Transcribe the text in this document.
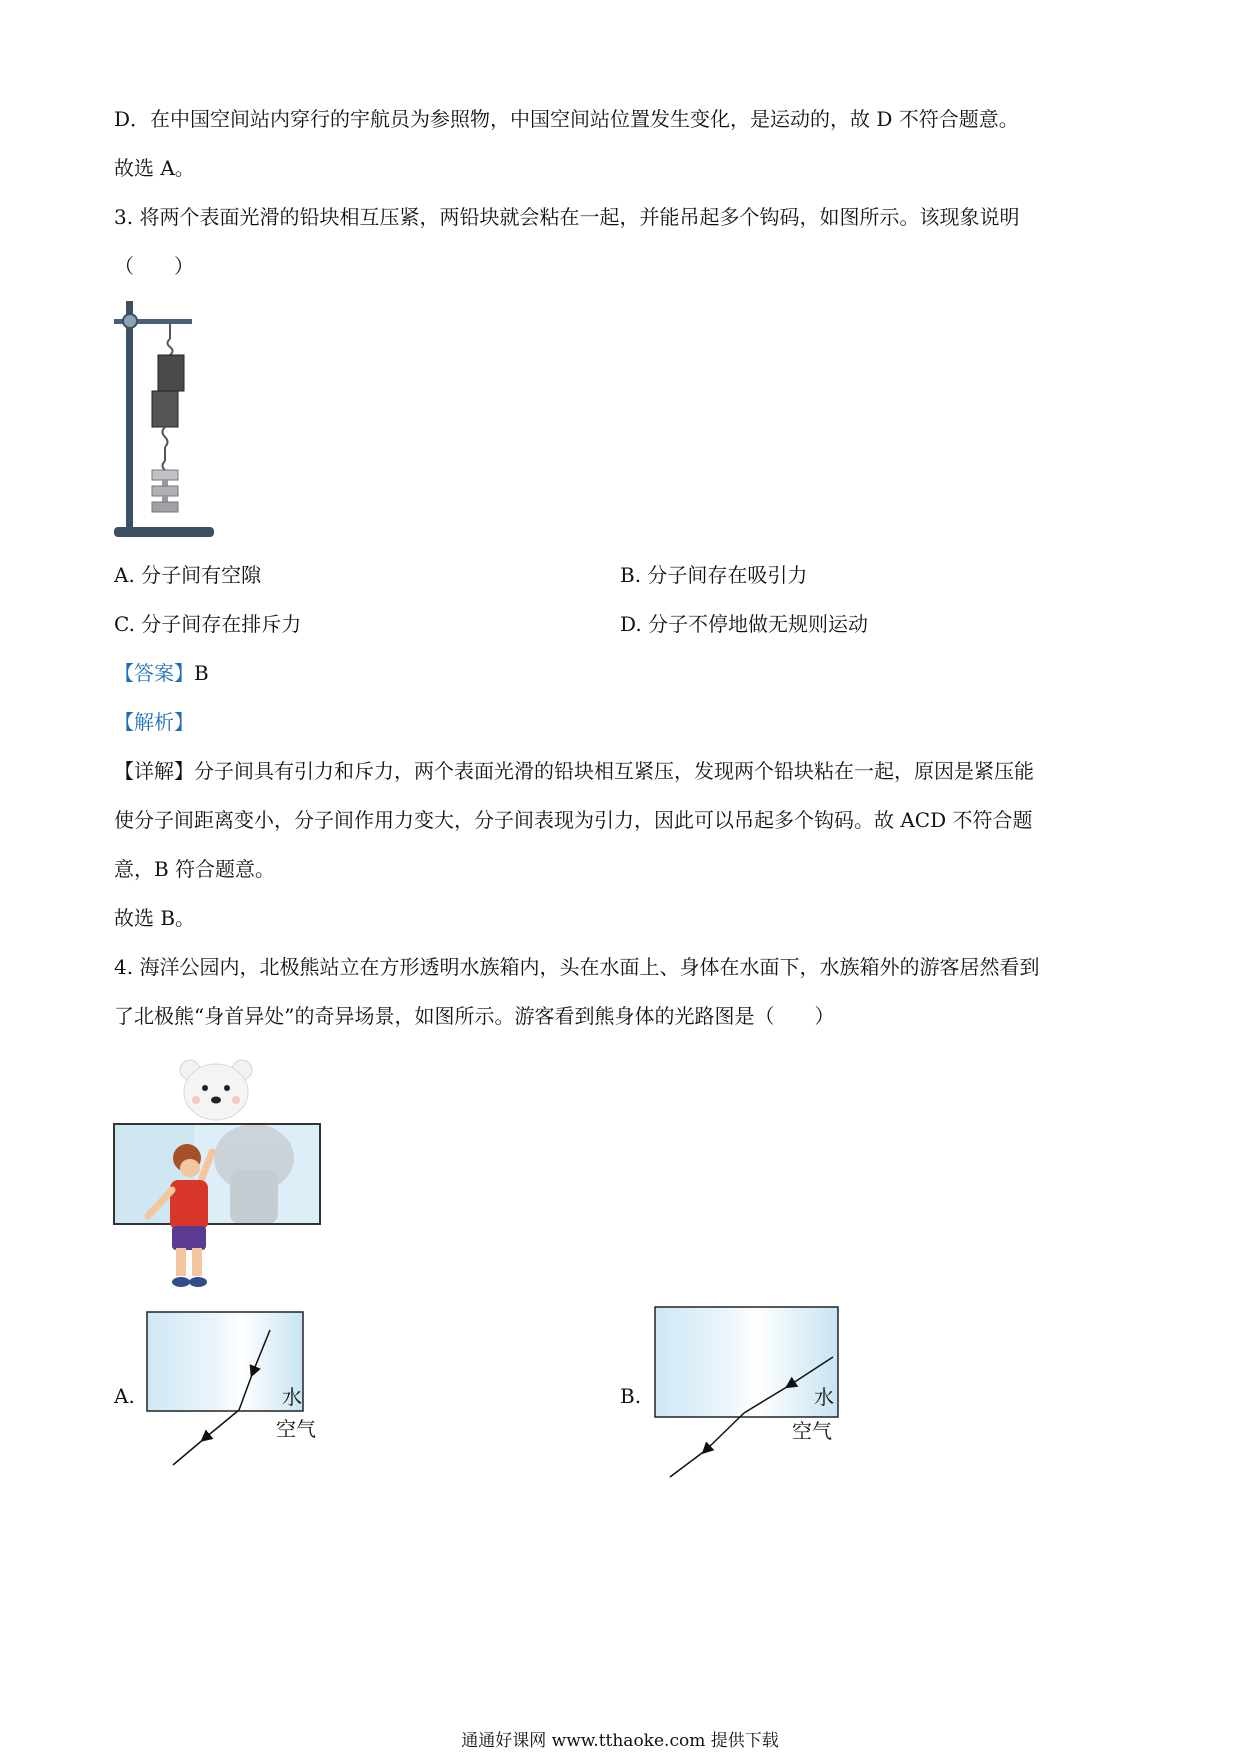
D．在中国空间站内穿行的宇航员为参照物，中国空间站位置发生变化，是运动的，故 D 不符合题意。
故选 A。
3. 将两个表面光滑的铅块相互压紧，两铅块就会粘在一起，并能吊起多个钩码，如图所示。该现象说明
（　　）
A. 分子间有空隙	B. 分子间存在吸引力
C. 分子间存在排斥力	D. 分子不停地做无规则运动
【答案】B
【解析】
【详解】分子间具有引力和斥力，两个表面光滑的铅块相互紧压，发现两个铅块粘在一起，原因是紧压能
使分子间距离变小，分子间作用力变大，分子间表现为引力，因此可以吊起多个钩码。故 ACD 不符合题
意，B 符合题意。
故选 B。
4. 海洋公园内，北极熊站立在方形透明水族箱内，头在水面上、身体在水面下，水族箱外的游客居然看到
了北极熊“身首异处”的奇异场景，如图所示。游客看到熊身体的光路图是（　　）
A.	水
空气
B.	水
空气
通通好课网 www.tthaoke.com 提供下载
